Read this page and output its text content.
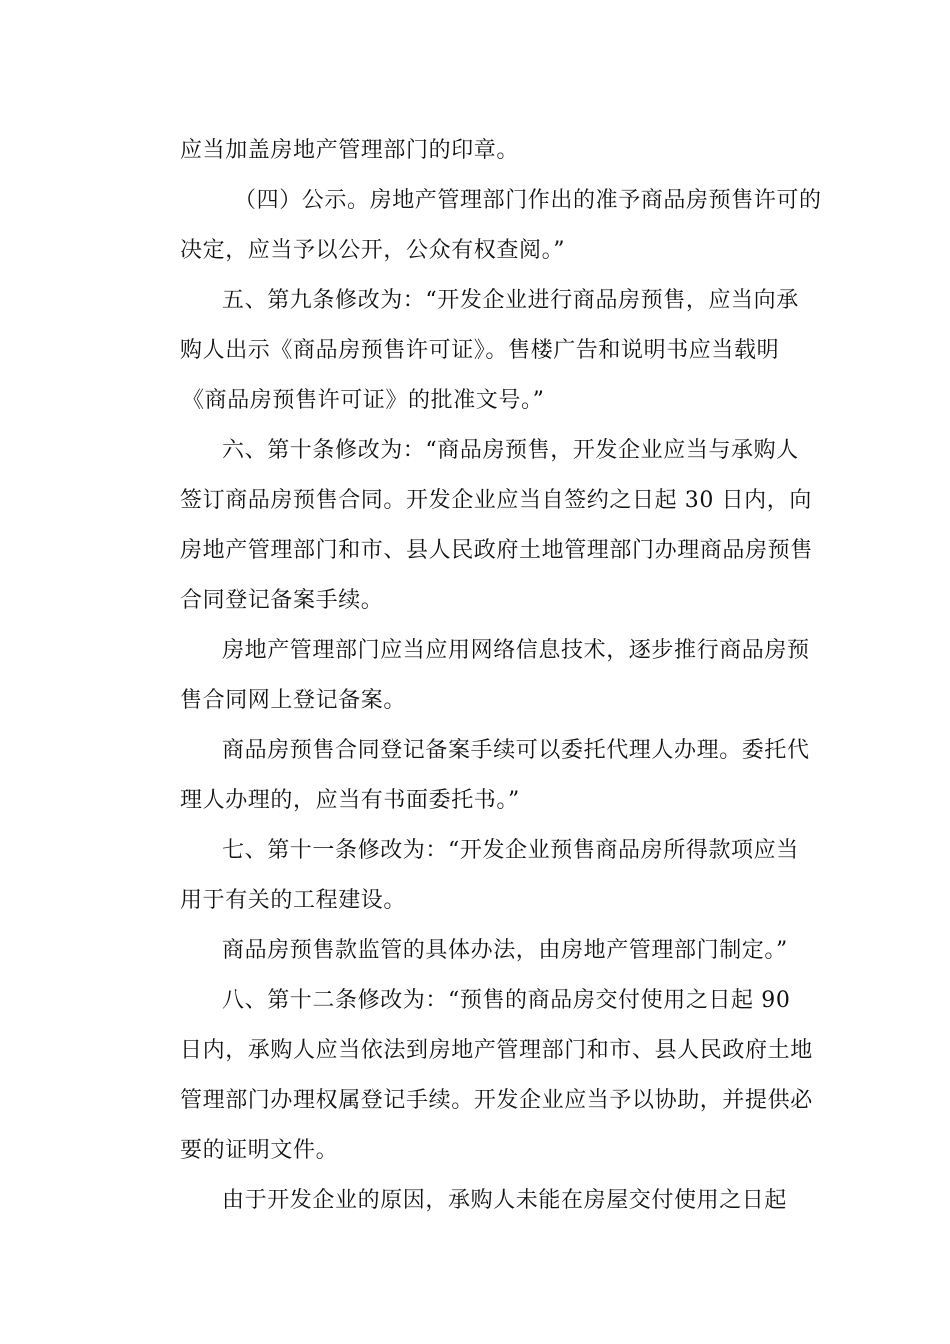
应当加盖房地产管理部门的印章。

（四）公示。房地产管理部门作出的准予商品房预售许可的

决定，应当予以公开，公众有权查阅。”

五、第九条修改为：“开发企业进行商品房预售，应当向承

购人出示《商品房预售许可证》。售楼广告和说明书应当载明

《商品房预售许可证》的批准文号。”

六、第十条修改为：“商品房预售，开发企业应当与承购人

签订商品房预售合同。开发企业应当自签约之日起 30 日内，向

房地产管理部门和市、县人民政府土地管理部门办理商品房预售

合同登记备案手续。

房地产管理部门应当应用网络信息技术，逐步推行商品房预

售合同网上登记备案。

商品房预售合同登记备案手续可以委托代理人办理。委托代

理人办理的，应当有书面委托书。”

七、第十一条修改为：“开发企业预售商品房所得款项应当

用于有关的工程建设。

商品房预售款监管的具体办法，由房地产管理部门制定。”

八、第十二条修改为：“预售的商品房交付使用之日起 90

日内，承购人应当依法到房地产管理部门和市、县人民政府土地

管理部门办理权属登记手续。开发企业应当予以协助，并提供必

要的证明文件。

由于开发企业的原因，承购人未能在房屋交付使用之日起
